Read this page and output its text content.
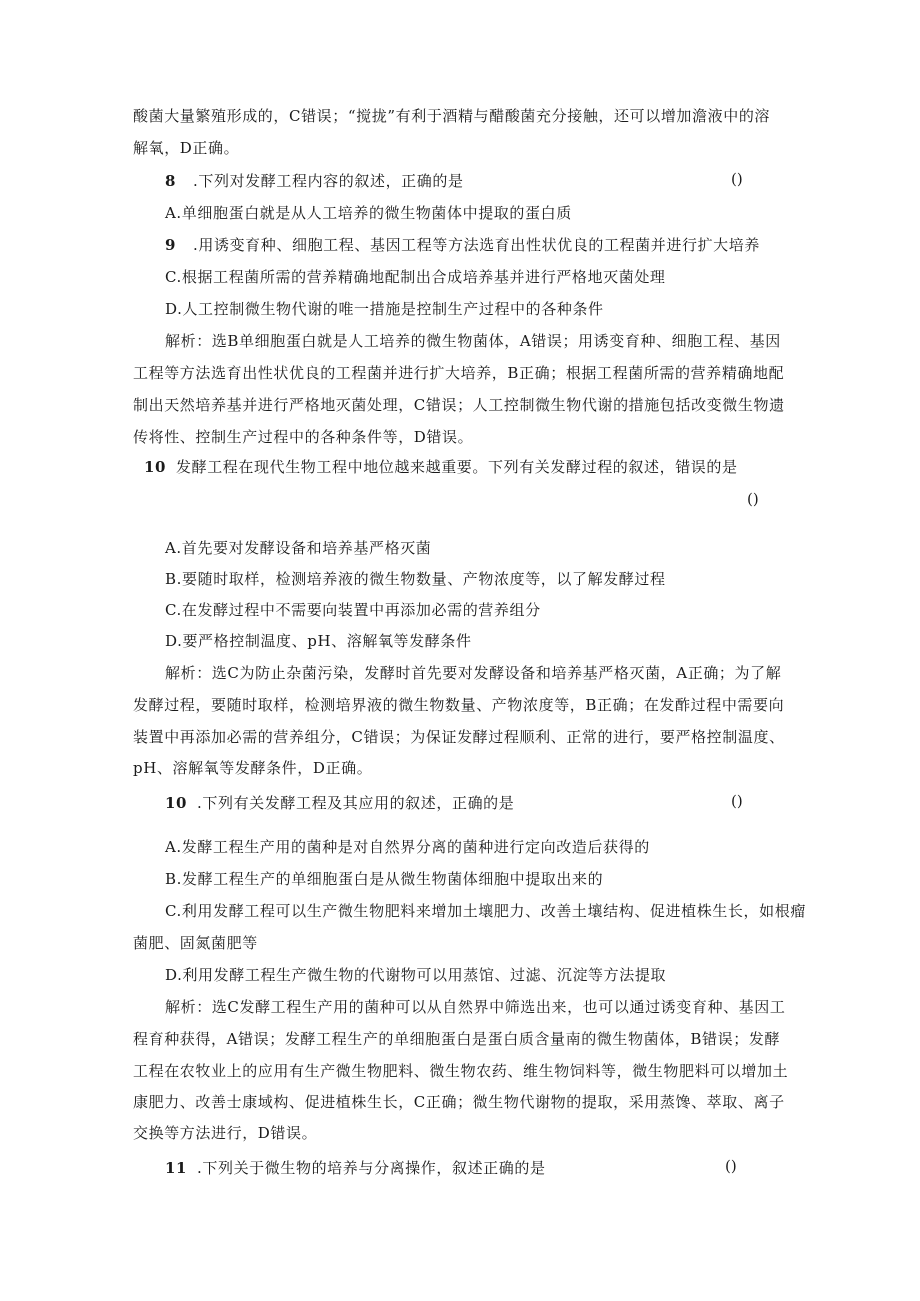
酸菌大量繁殖形成的，C错误；“搅拢”有利于酒精与醋酸菌充分接触，还可以增加澹液中的溶
解氧，D正确。
8 .下列对发酵工程内容的叙述，正确的是	()
A.单细胞蛋白就是从人工培养的微生物菌体中提取的蛋白质
9 .用诱变育种、细胞工程、基因工程等方法选育出性状优良的工程菌并进行扩大培养
C.根据工程菌所需的营养精确地配制出合成培养基并进行严格地灭菌处理
D.人工控制微生物代谢的唯一措施是控制生产过程中的各种条件
解析：选B单细胞蛋白就是人工培养的微生物菌体，A错误；用诱变育种、细胞工程、基因
工程等方法选育出性状优良的工程菌并进行扩大培养，B正确；根据工程菌所需的营养精确地配
制出天然培养基并进行严格地灭菌处理，C错误；人工控制微生物代谢的措施包括改变微生物遗
传将性、控制生产过程中的各种条件等，D错误。
10 发酵工程在现代生物工程中地位越来越重要。下列有关发酵过程的叙述，错误的是
()
A.首先要对发酵设备和培养基严格灭菌
B.要随时取样，检测培养液的微生物数量、产物浓度等，以了解发酵过程
C.在发酵过程中不需要向装置中再添加必需的营养组分
D.要严格控制温度、pH、溶解氧等发酵条件
解析：选C为防止杂菌污染，发酵时首先要对发酵设备和培养基严格灭菌，A正确；为了解
发酵过程，要随时取样，检测培界液的微生物数量、产物浓度等，B正确；在发酢过程中需要向
装置中再添加必需的营养组分，C错误；为保证发酵过程顺利、正常的进行，要严格控制温度、
pH、溶解氧等发酵条件，D正确。
10 .下列有关发酵工程及其应用的叙述，正确的是	()
A.发酵工程生产用的菌种是对自然界分离的菌种进行定向改造后获得的
B.发酵工程生产的单细胞蛋白是从微生物菌体细胞中提取出来的
C.利用发酵工程可以生产微生物肥料来增加土壤肥力、改善土壤结构、促进植株生长，如根瘤
菌肥、固氮菌肥等
D.利用发酵工程生产微生物的代谢物可以用蒸馆、过滤、沉淀等方法提取
解析：选C发酵工程生产用的菌种可以从自然界中筛选出来，也可以通过诱变育种、基因工
程育种获得，A错误；发酵工程生产的单细胞蛋白是蛋白质含量南的微生物菌体，B错误；发酵
工程在农牧业上的应用有生产微生物肥料、微生物农药、维生物饲料等，微生物肥料可以增加土
康肥力、改善士康域构、促进植株生长，C正确；微生物代谢物的提取，采用蒸馋、萃取、离子
交换等方法进行，D错误。
11 .下列关于微生物的培养与分离操作，叙述正确的是	()
